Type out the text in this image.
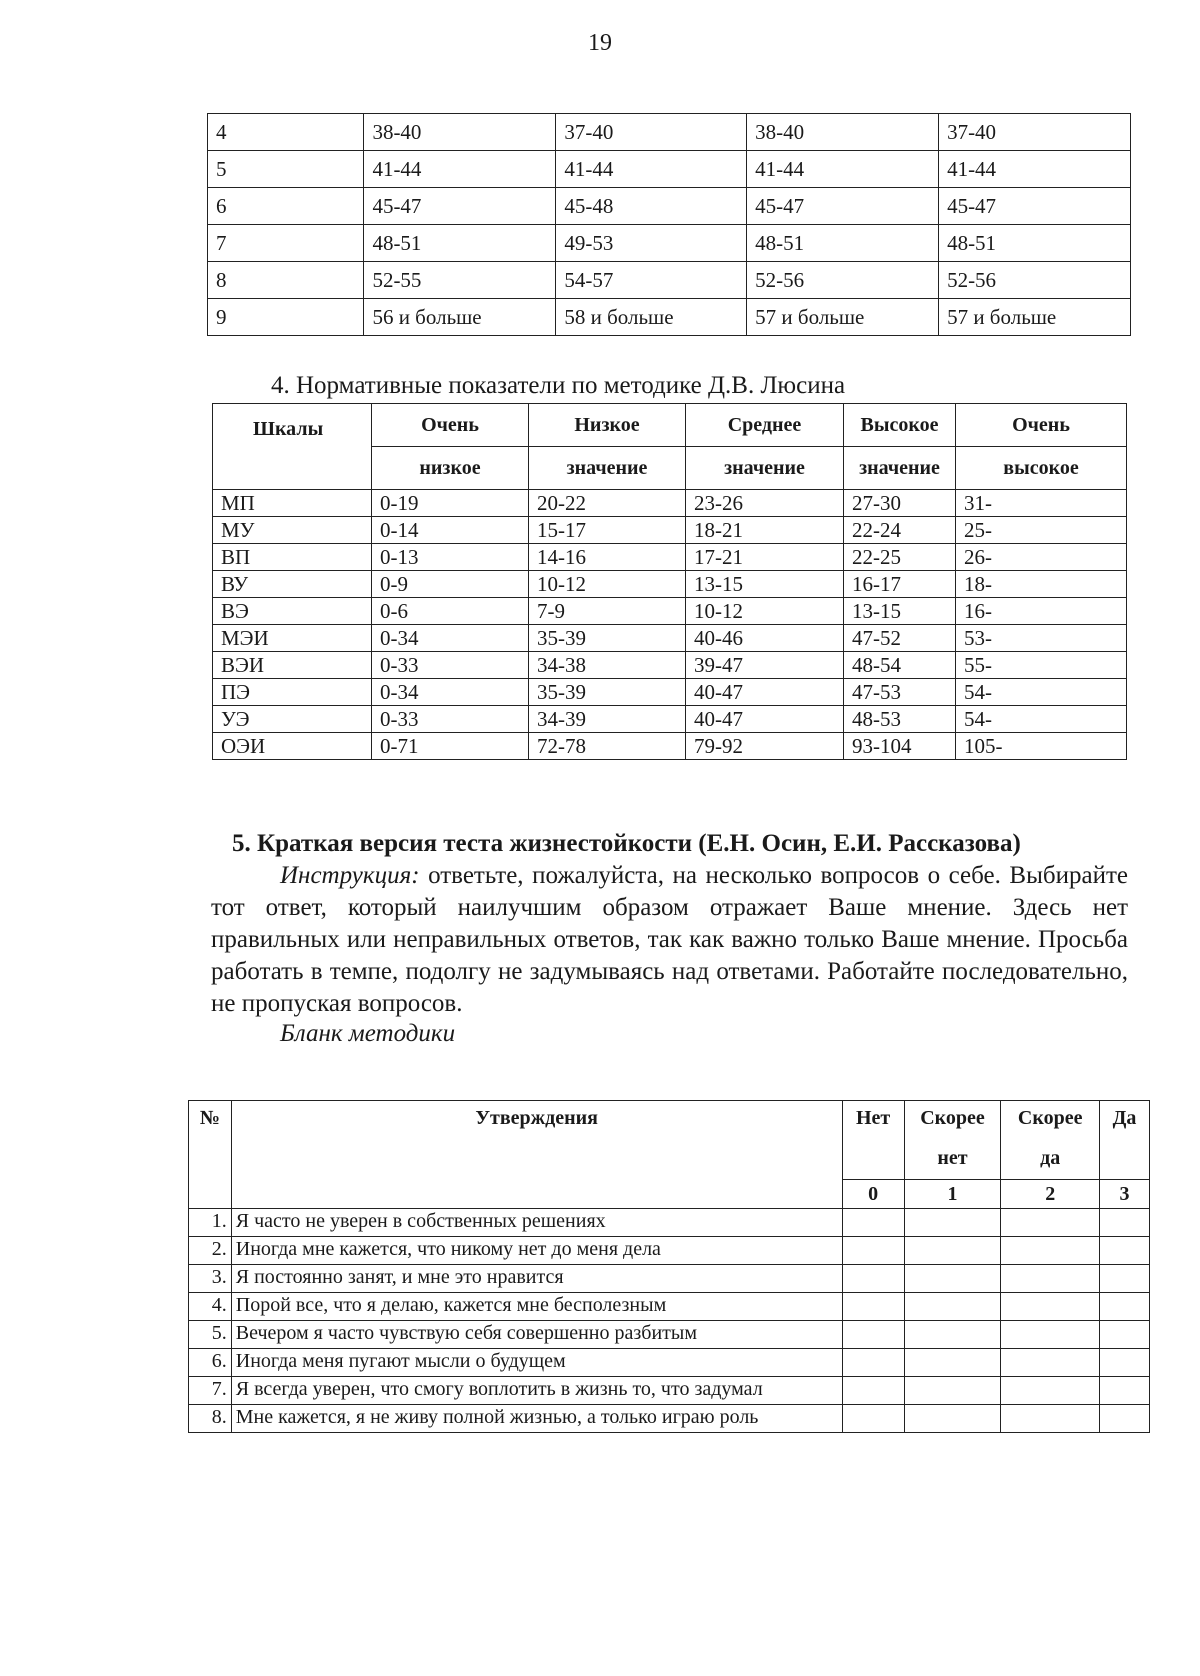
19
4	38-40	37-40	38-40	37-40
5	41-44	41-44	41-44	41-44
6	45-47	45-48	45-47	45-47
7	48-51	49-53	48-51	48-51
8	52-55	54-57	52-56	52-56
9	56 и больше	58 и больше	57 и больше	57 и больше
4. Нормативные показатели по методике Д.В. Люсина
Шкалы	Очень	Низкое	Среднее	Высокое	Очень
	низкое	значение	значение	значение	высокое
МП	0-19	20-22	23-26	27-30	31-
МУ	0-14	15-17	18-21	22-24	25-
ВП	0-13	14-16	17-21	22-25	26-
ВУ	0-9	10-12	13-15	16-17	18-
ВЭ	0-6	7-9	10-12	13-15	16-
МЭИ	0-34	35-39	40-46	47-52	53-
ВЭИ	0-33	34-38	39-47	48-54	55-
ПЭ	0-34	35-39	40-47	47-53	54-
УЭ	0-33	34-39	40-47	48-53	54-
ОЭИ	0-71	72-78	79-92	93-104	105-
5. Краткая версия теста жизнестойкости (Е.Н. Осин, Е.И. Рассказова)
Инструкция: ответьте, пожалуйста, на несколько вопросов о себе. Выбирайте тот ответ, который наилучшим образом отражает Ваше мнение. Здесь нет правильных или неправильных ответов, так как важно только Ваше мнение. Просьба работать в темпе, подолгу не задумываясь над ответами. Работайте последовательно, не пропуская вопросов.
Бланк методики
№	Утверждения	Нет	Скорее	Скорее	Да
			нет	да	
		0	1	2	3
1.	Я часто не уверен в собственных решениях				
2.	Иногда мне кажется, что никому нет до меня дела				
3.	Я постоянно занят, и мне это нравится				
4.	Порой все, что я делаю, кажется мне бесполезным				
5.	Вечером я часто чувствую себя совершенно разбитым				
6.	Иногда меня пугают мысли о будущем				
7.	Я всегда уверен, что смогу воплотить в жизнь то, что задумал				
8.	Мне кажется, я не живу полной жизнью, а только играю роль				
